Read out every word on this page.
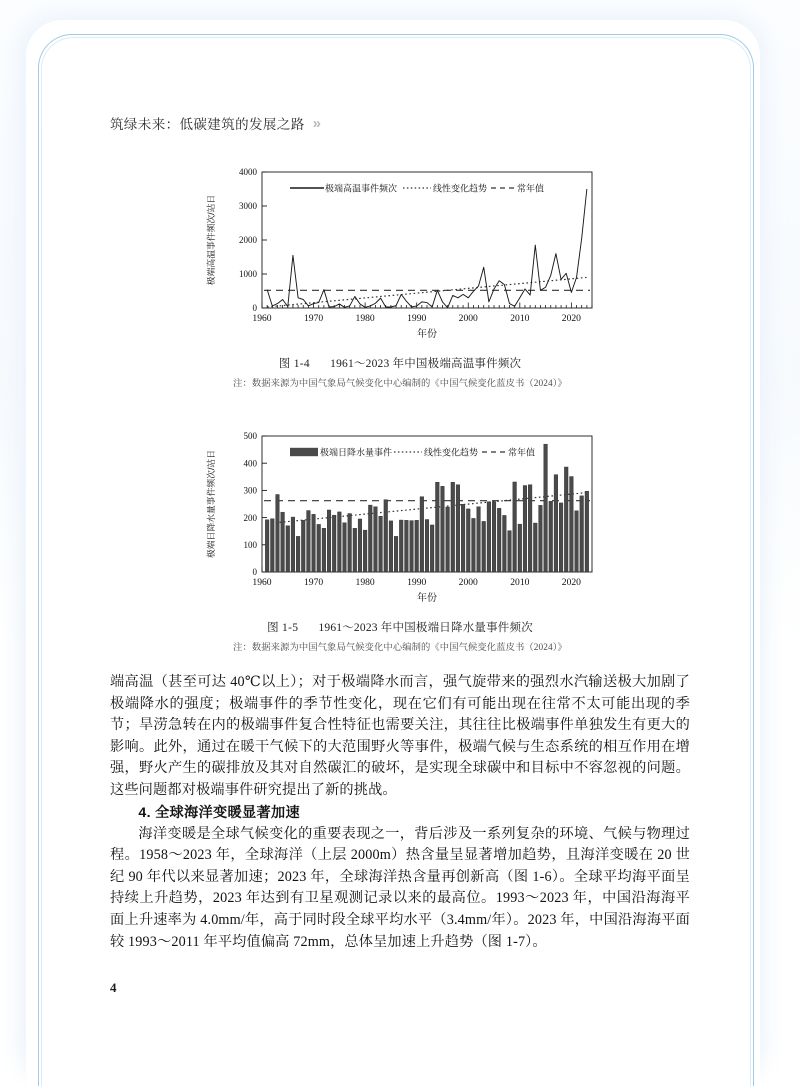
筑绿未来：低碳建筑的发展之路 »
0
1000
2000
3000
4000
1960	1970	1980	1990	2000	2010	2020
年份
极端高温事件频次/站日
极端高温事件频次	线性变化趋势	常年值
图 1-4 1961～2023 年中国极端高温事件频次
注：数据来源为中国气象局气候变化中心编制的《中国气候变化蓝皮书（2024）》
0
100
200
300
400
500
1960	1970	1980	1990	2000	2010	2020
年份
极端日降水量事件频次/站日	极端日降水量事件	线性变化趋势	常年值
图 1-5 1961～2023 年中国极端日降水量事件频次
注：数据来源为中国气象局气候变化中心编制的《中国气候变化蓝皮书（2024）》

端高温（甚至可达 40℃以上）；对于极端降水而言，强气旋带来的强烈水汽输送极大加剧了极端降水的强度；极端事件的季节性变化，现在它们有可能出现在往常不太可能出现的季节；旱涝急转在内的极端事件复合性特征也需要关注，其往往比极端事件单独发生有更大的影响。此外，通过在暖干气候下的大范围野火等事件，极端气候与生态系统的相互作用在增强，野火产生的碳排放及其对自然碳汇的破坏，是实现全球碳中和目标中不容忽视的问题。这些问题都对极端事件研究提出了新的挑战。

4. 全球海洋变暖显著加速

海洋变暖是全球气候变化的重要表现之一，背后涉及一系列复杂的环境、气候与物理过程。1958～2023 年，全球海洋（上层 2000m）热含量呈显著增加趋势，且海洋变暖在 20 世纪 90 年代以来显著加速；2023 年，全球海洋热含量再创新高（图 1-6）。全球平均海平面呈持续上升趋势，2023 年达到有卫星观测记录以来的最高位。1993～2023 年，中国沿海海平面上升速率为 4.0mm/年，高于同时段全球平均水平（3.4mm/年）。2023 年，中国沿海海平面较 1993～2011 年平均值偏高 72mm，总体呈加速上升趋势（图 1-7）。

4
